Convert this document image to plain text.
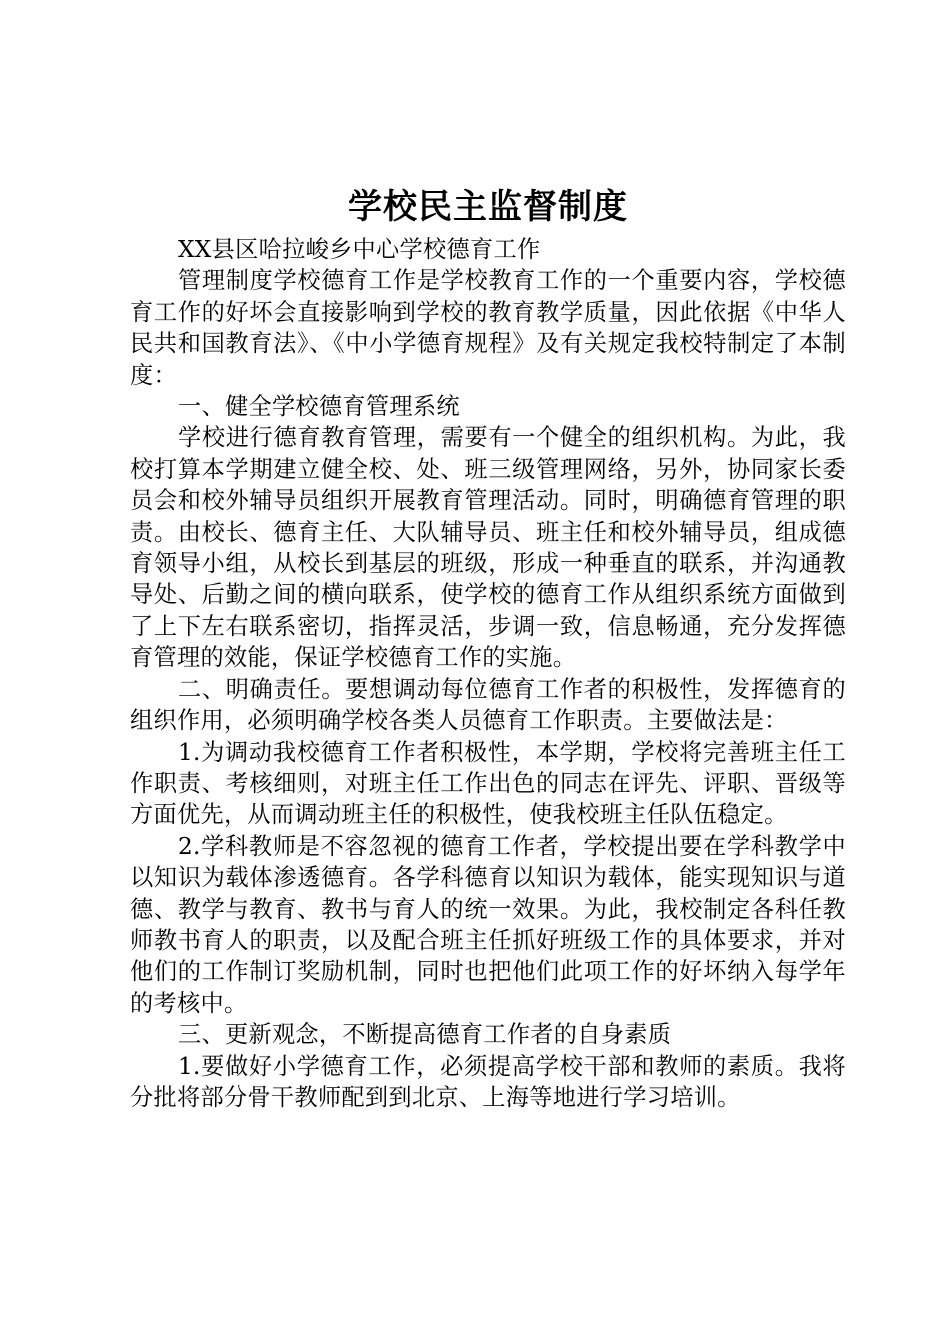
学校民主监督制度

XX县区哈拉峻乡中心学校德育工作

管理制度学校德育工作是学校教育工作的一个重要内容，学校德育工作的好坏会直接影响到学校的教育教学质量，因此依据《中华人民共和国教育法》、《中小学德育规程》及有关规定我校特制定了本制度：

一、健全学校德育管理系统

学校进行德育教育管理，需要有一个健全的组织机构。为此，我校打算本学期建立健全校、处、班三级管理网络，另外，协同家长委员会和校外辅导员组织开展教育管理活动。同时，明确德育管理的职责。由校长、德育主任、大队辅导员、班主任和校外辅导员，组成德育领导小组，从校长到基层的班级，形成一种垂直的联系，并沟通教导处、后勤之间的横向联系，使学校的德育工作从组织系统方面做到了上下左右联系密切，指挥灵活，步调一致，信息畅通，充分发挥德育管理的效能，保证学校德育工作的实施。

二、明确责任。要想调动每位德育工作者的积极性，发挥德育的组织作用，必须明确学校各类人员德育工作职责。主要做法是：

1.为调动我校德育工作者积极性，本学期，学校将完善班主任工作职责、考核细则，对班主任工作出色的同志在评先、评职、晋级等方面优先，从而调动班主任的积极性，使我校班主任队伍稳定。

2.学科教师是不容忽视的德育工作者，学校提出要在学科教学中以知识为载体渗透德育。各学科德育以知识为载体，能实现知识与道德、教学与教育、教书与育人的统一效果。为此，我校制定各科任教师教书育人的职责，以及配合班主任抓好班级工作的具体要求，并对他们的工作制订奖励机制，同时也把他们此项工作的好坏纳入每学年的考核中。

三、更新观念，不断提高德育工作者的自身素质

1.要做好小学德育工作，必须提高学校干部和教师的素质。我将分批将部分骨干教师配到到北京、上海等地进行学习培训。
